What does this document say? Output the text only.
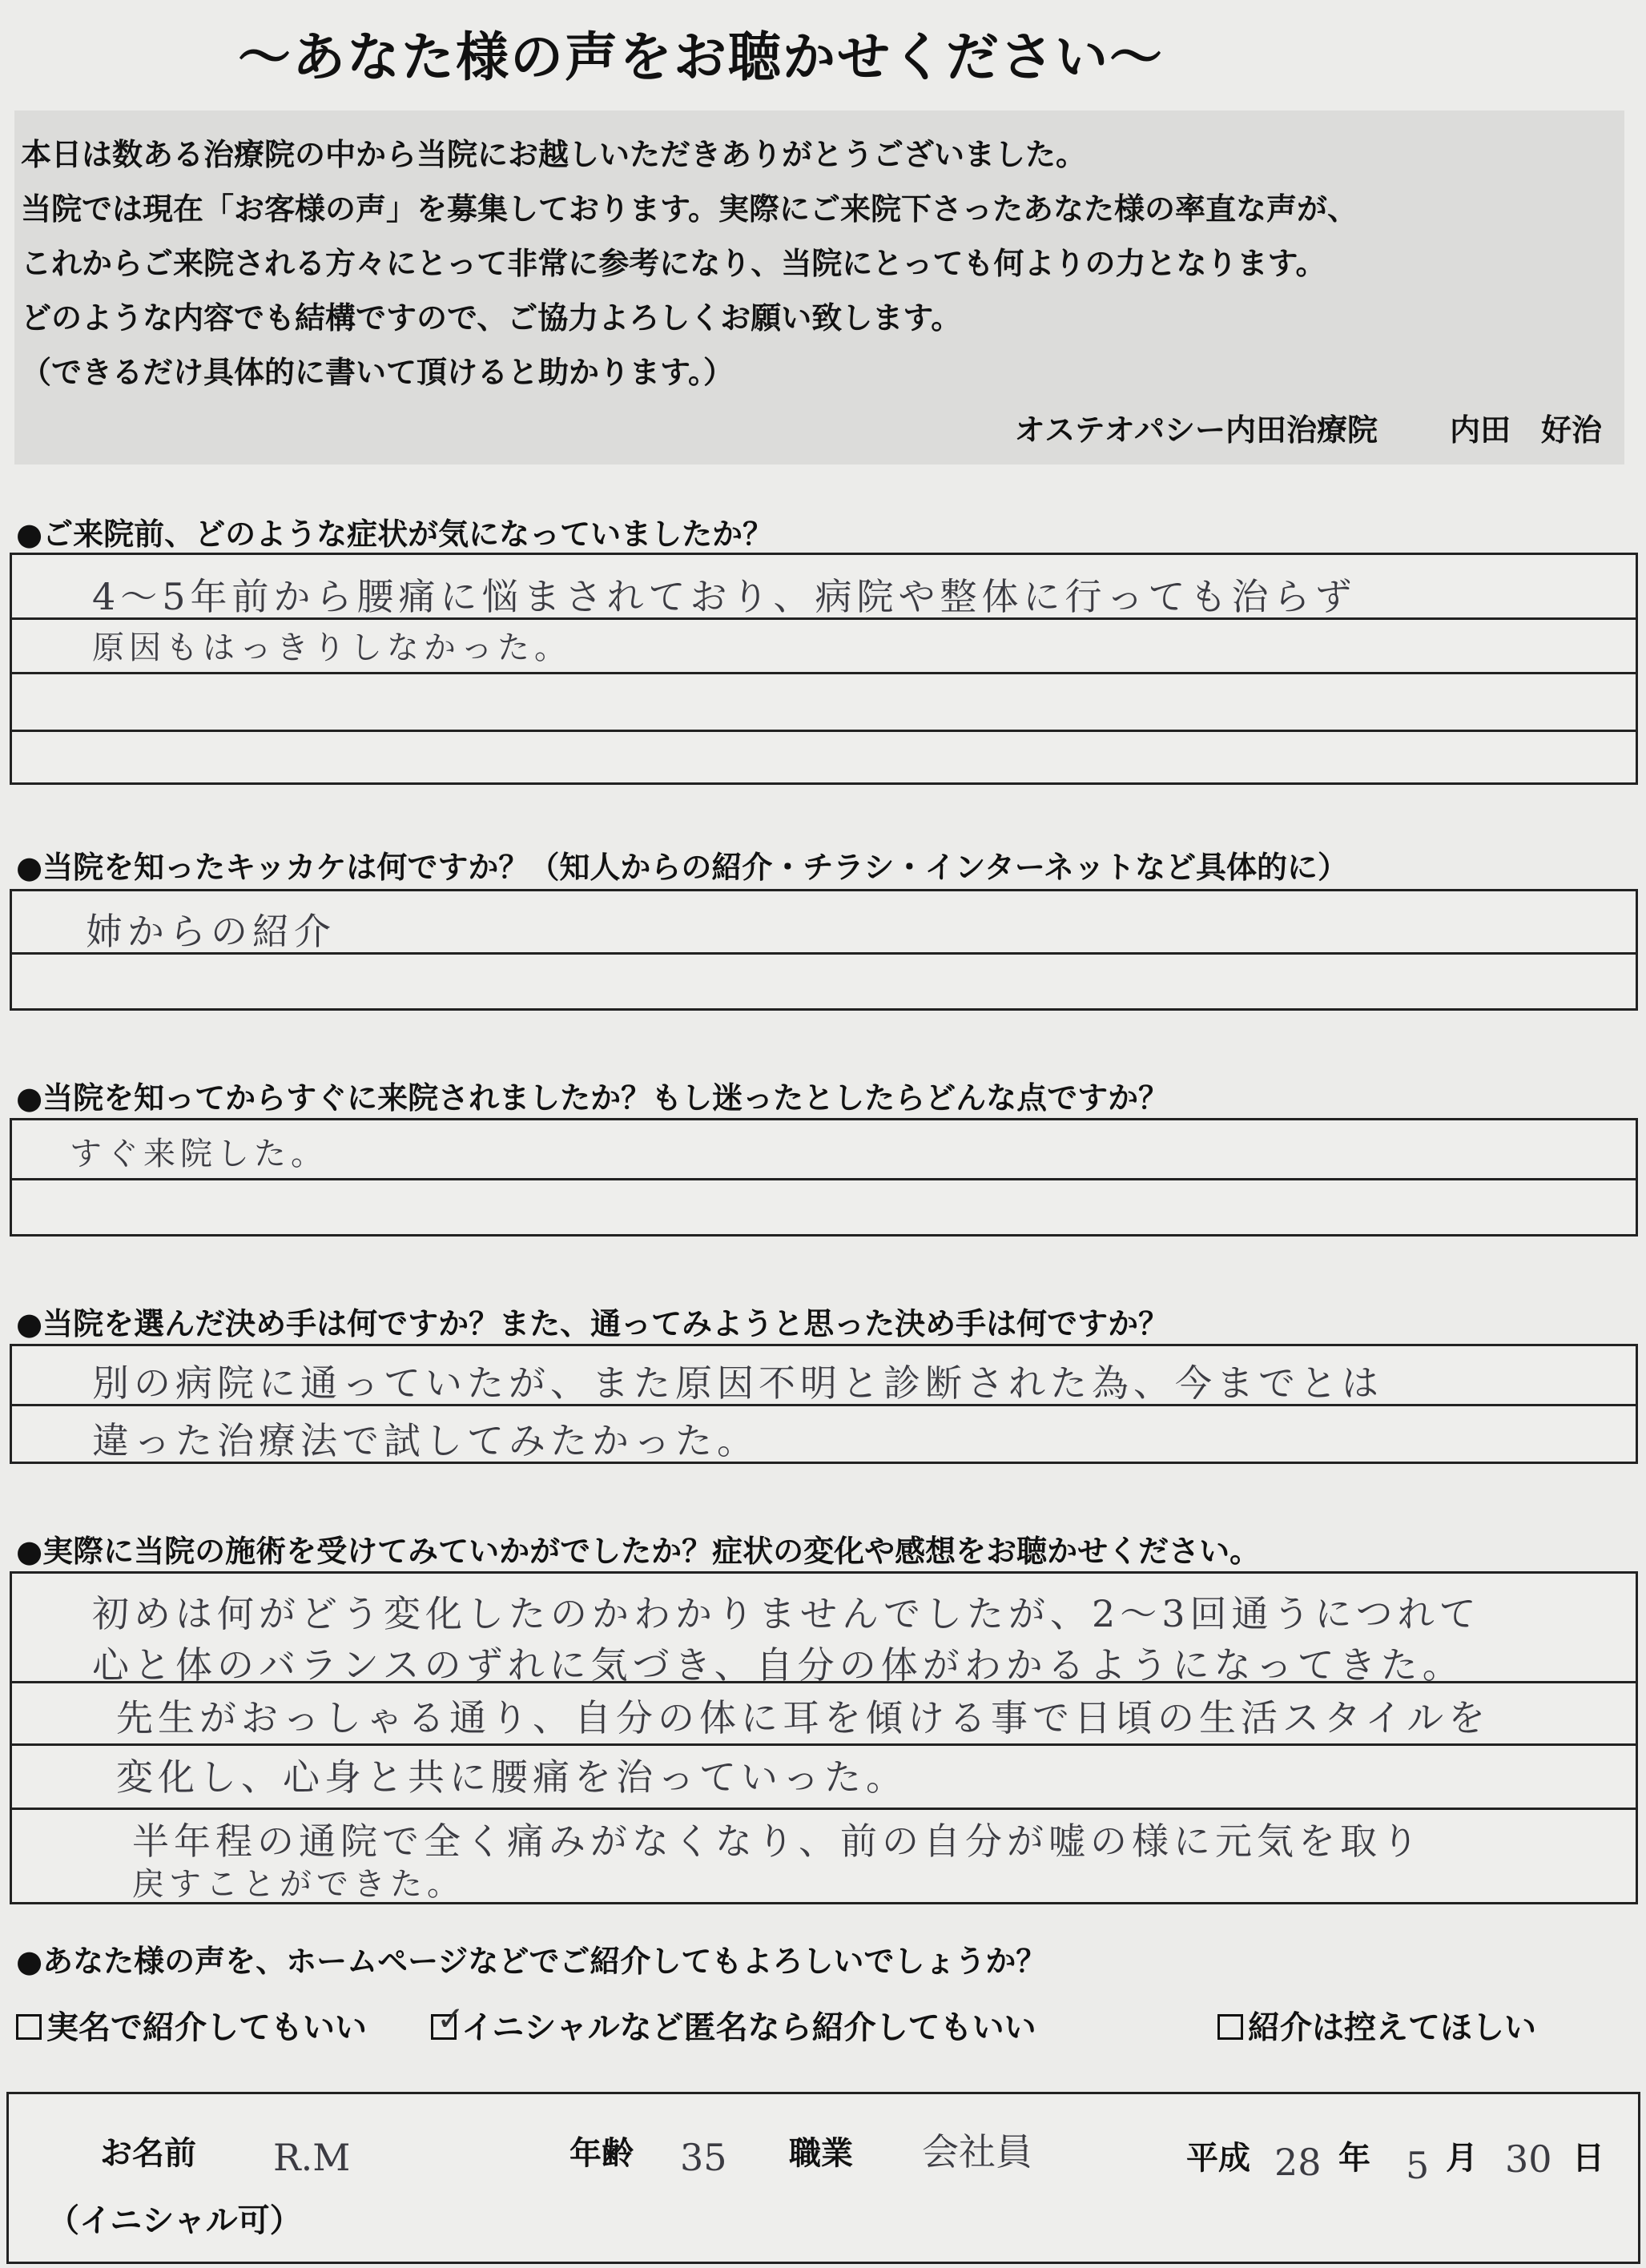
～あなた様の声をお聴かせください～

本日は数ある治療院の中から当院にお越しいただきありがとうございました。

当院では現在「お客様の声」を募集しております。実際にご来院下さったあなた様の率直な声が、

これからご来院される方々にとって非常に参考になり、当院にとっても何よりの力となります。

どのような内容でも結構ですので、ご協力よろしくお願い致します。

（できるだけ具体的に書いて頂けると助かります。）

オステオパシー内田治療院 内田　好治
●ご来院前、どのような症状が気になっていましたか？
4～5年前から腰痛に悩まされており、病院や整体に行っても治らず
原因もはっきりしなかった。
●当院を知ったキッカケは何ですか？（知人からの紹介・チラシ・インターネットなど具体的に）
姉からの紹介
●当院を知ってからすぐに来院されましたか？もし迷ったとしたらどんな点ですか？
すぐ来院した。
●当院を選んだ決め手は何ですか？また、通ってみようと思った決め手は何ですか？
別の病院に通っていたが、また原因不明と診断された為、今までとは
違った治療法で試してみたかった。
●実際に当院の施術を受けてみていかがでしたか？症状の変化や感想をお聴かせください。
初めは何がどう変化したのかわかりませんでしたが、2～3回通うにつれて
心と体のバランスのずれに気づき、自分の体がわかるようになってきた。
先生がおっしゃる通り、自分の体に耳を傾ける事で日頃の生活スタイルを
変化し、心身と共に腰痛を治っていった。
半年程の通院で全く痛みがなくなり、前の自分が嘘の様に元気を取り
戻すことができた。
●あなた様の声を、ホームページなどでご紹介してもよろしいでしょうか？
実名で紹介してもいい ✓
イニシャルなど匿名なら紹介してもいい	紹介は控えてほしい
お名前
（イニシャル可）
R.M	年齢 35 職業 会社員	平成 28 年 5 月 30 日
